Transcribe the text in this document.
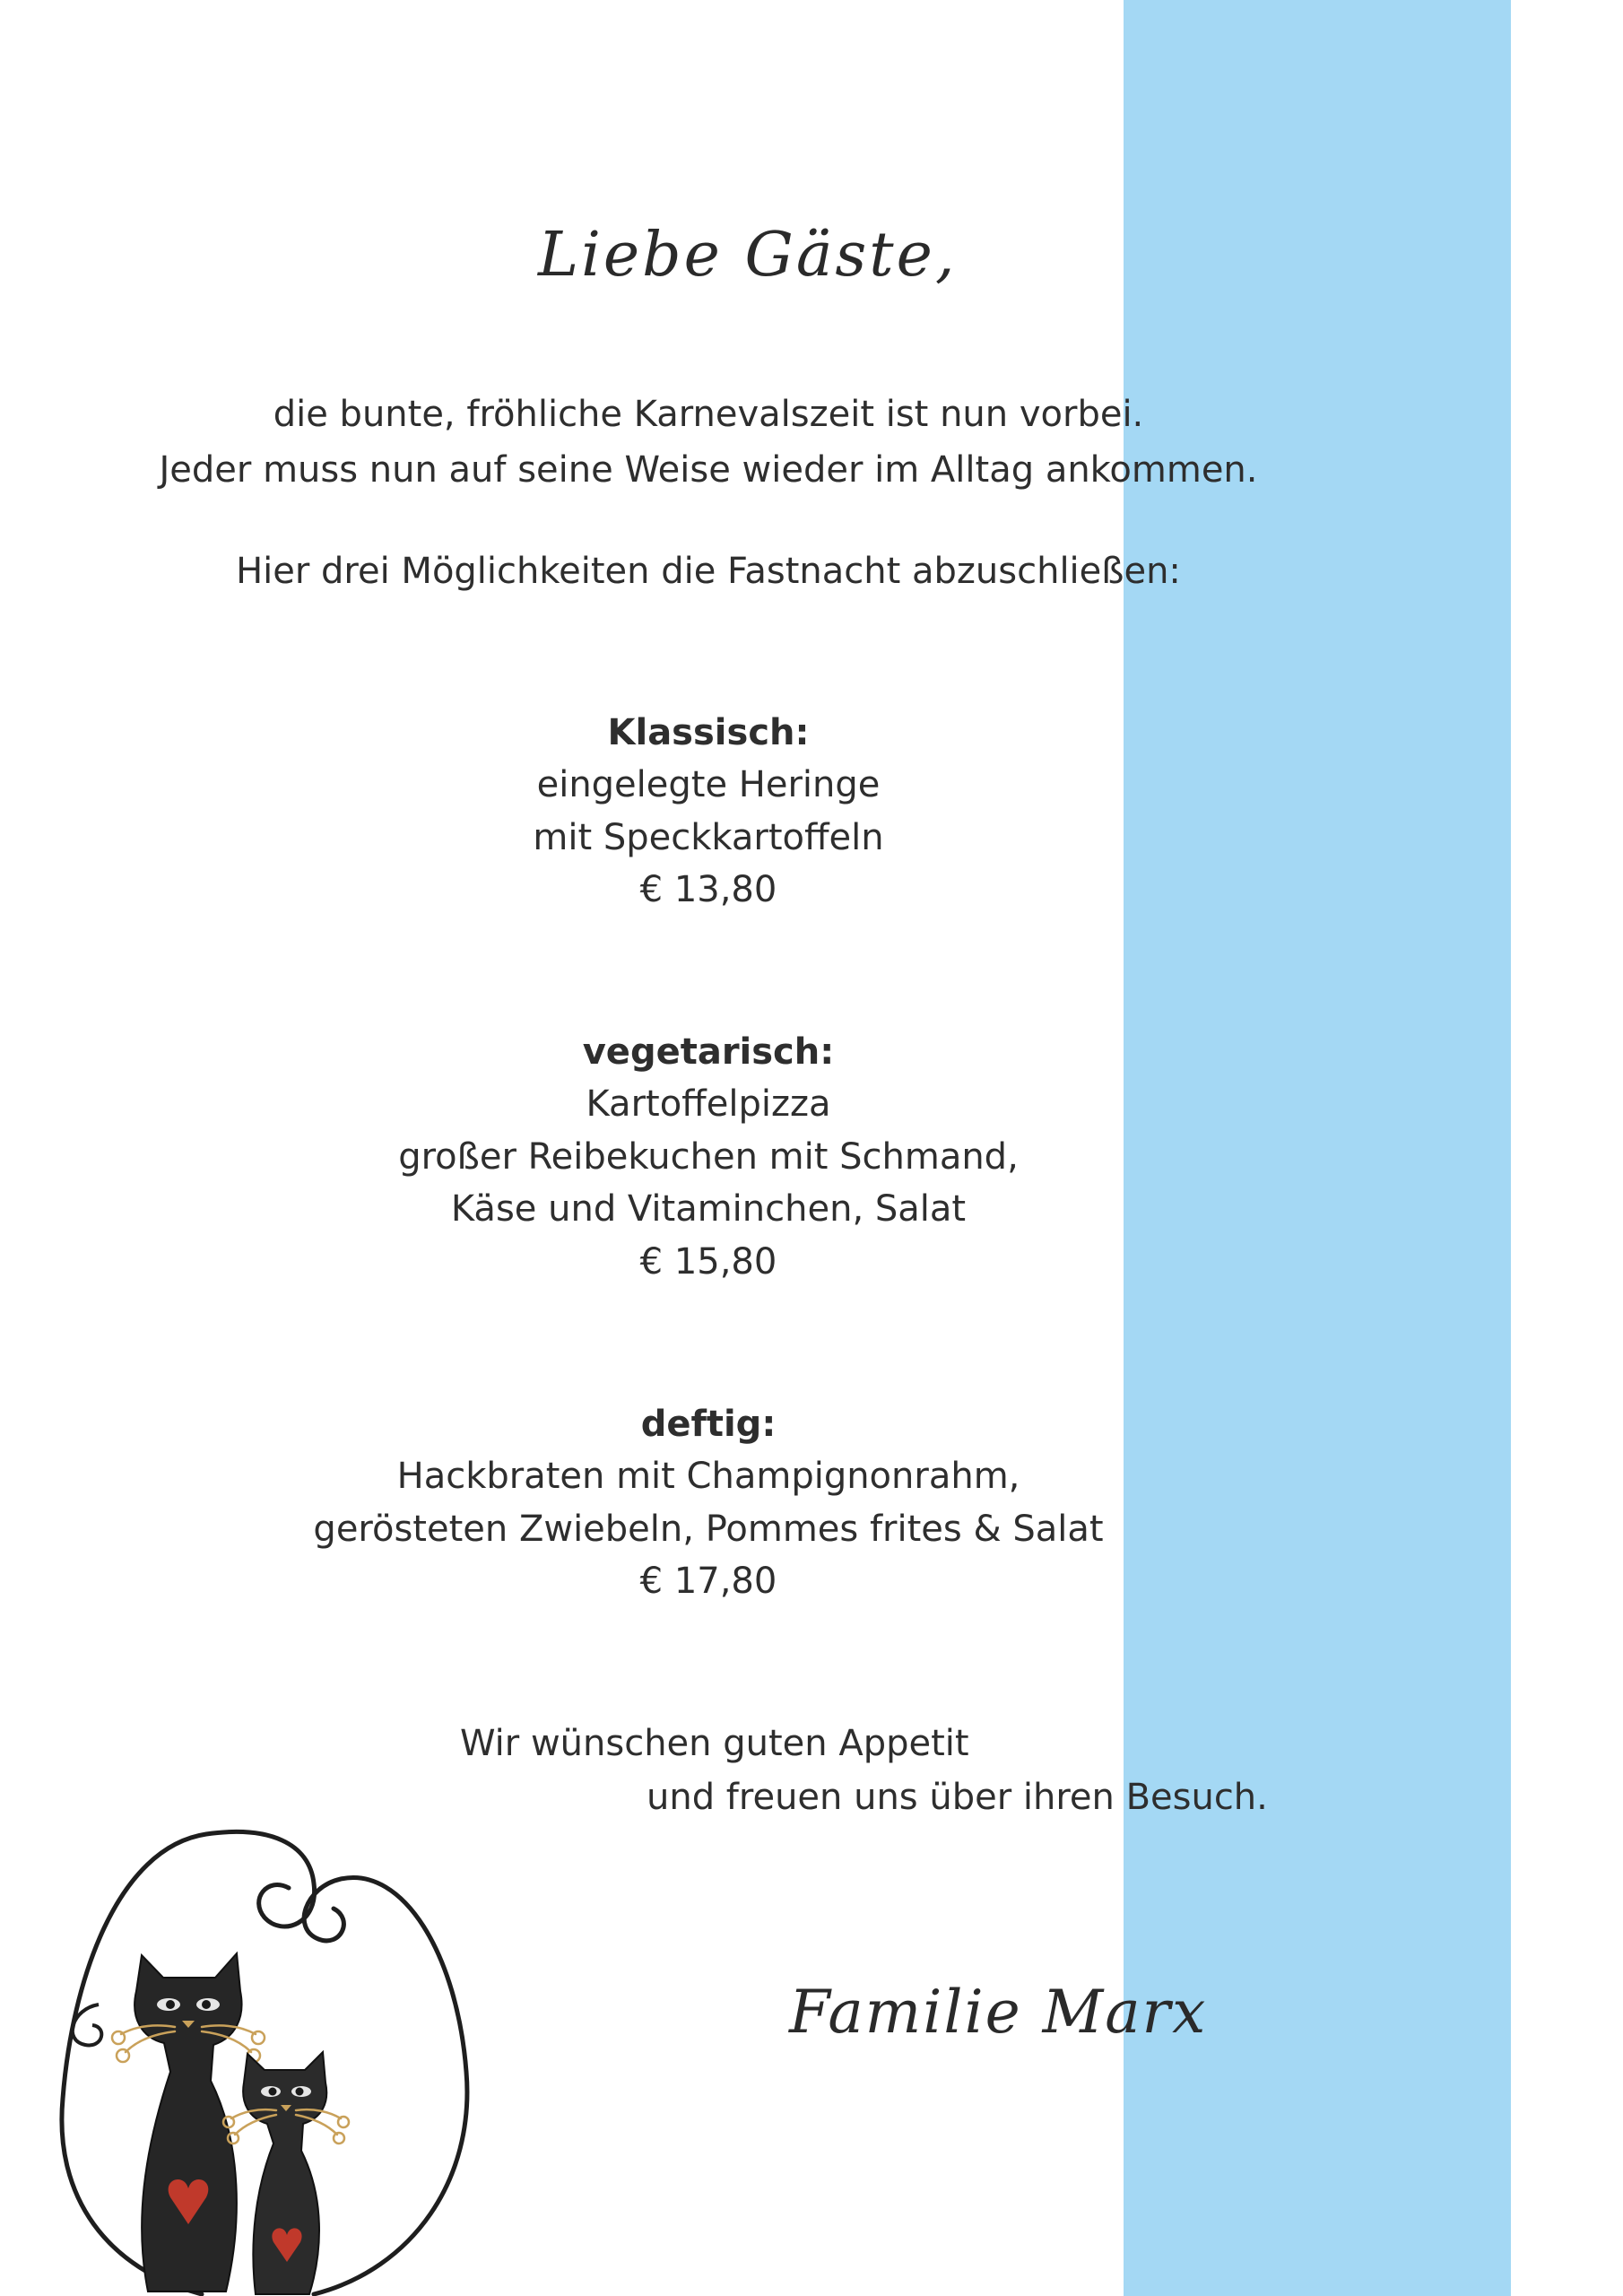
Liebe Gäste,
die bunte, fröhliche Karnevalszeit ist nun vorbei.
Jeder muss nun auf seine Weise wieder im Alltag ankommen.
Hier drei Möglichkeiten die Fastnacht abzuschließen:
Klassisch:
eingelegte Heringe
mit Speckkartoffeln
€ 13,80
vegetarisch:
Kartoffelpizza
großer Reibekuchen mit Schmand,
Käse und Vitaminchen, Salat
€ 15,80
deftig:
Hackbraten mit Champignonrahm,
gerösteten Zwiebeln, Pommes frites & Salat
€ 17,80
Wir wünschen guten Appetit
und freuen uns über ihren Besuch.
Familie Marx
